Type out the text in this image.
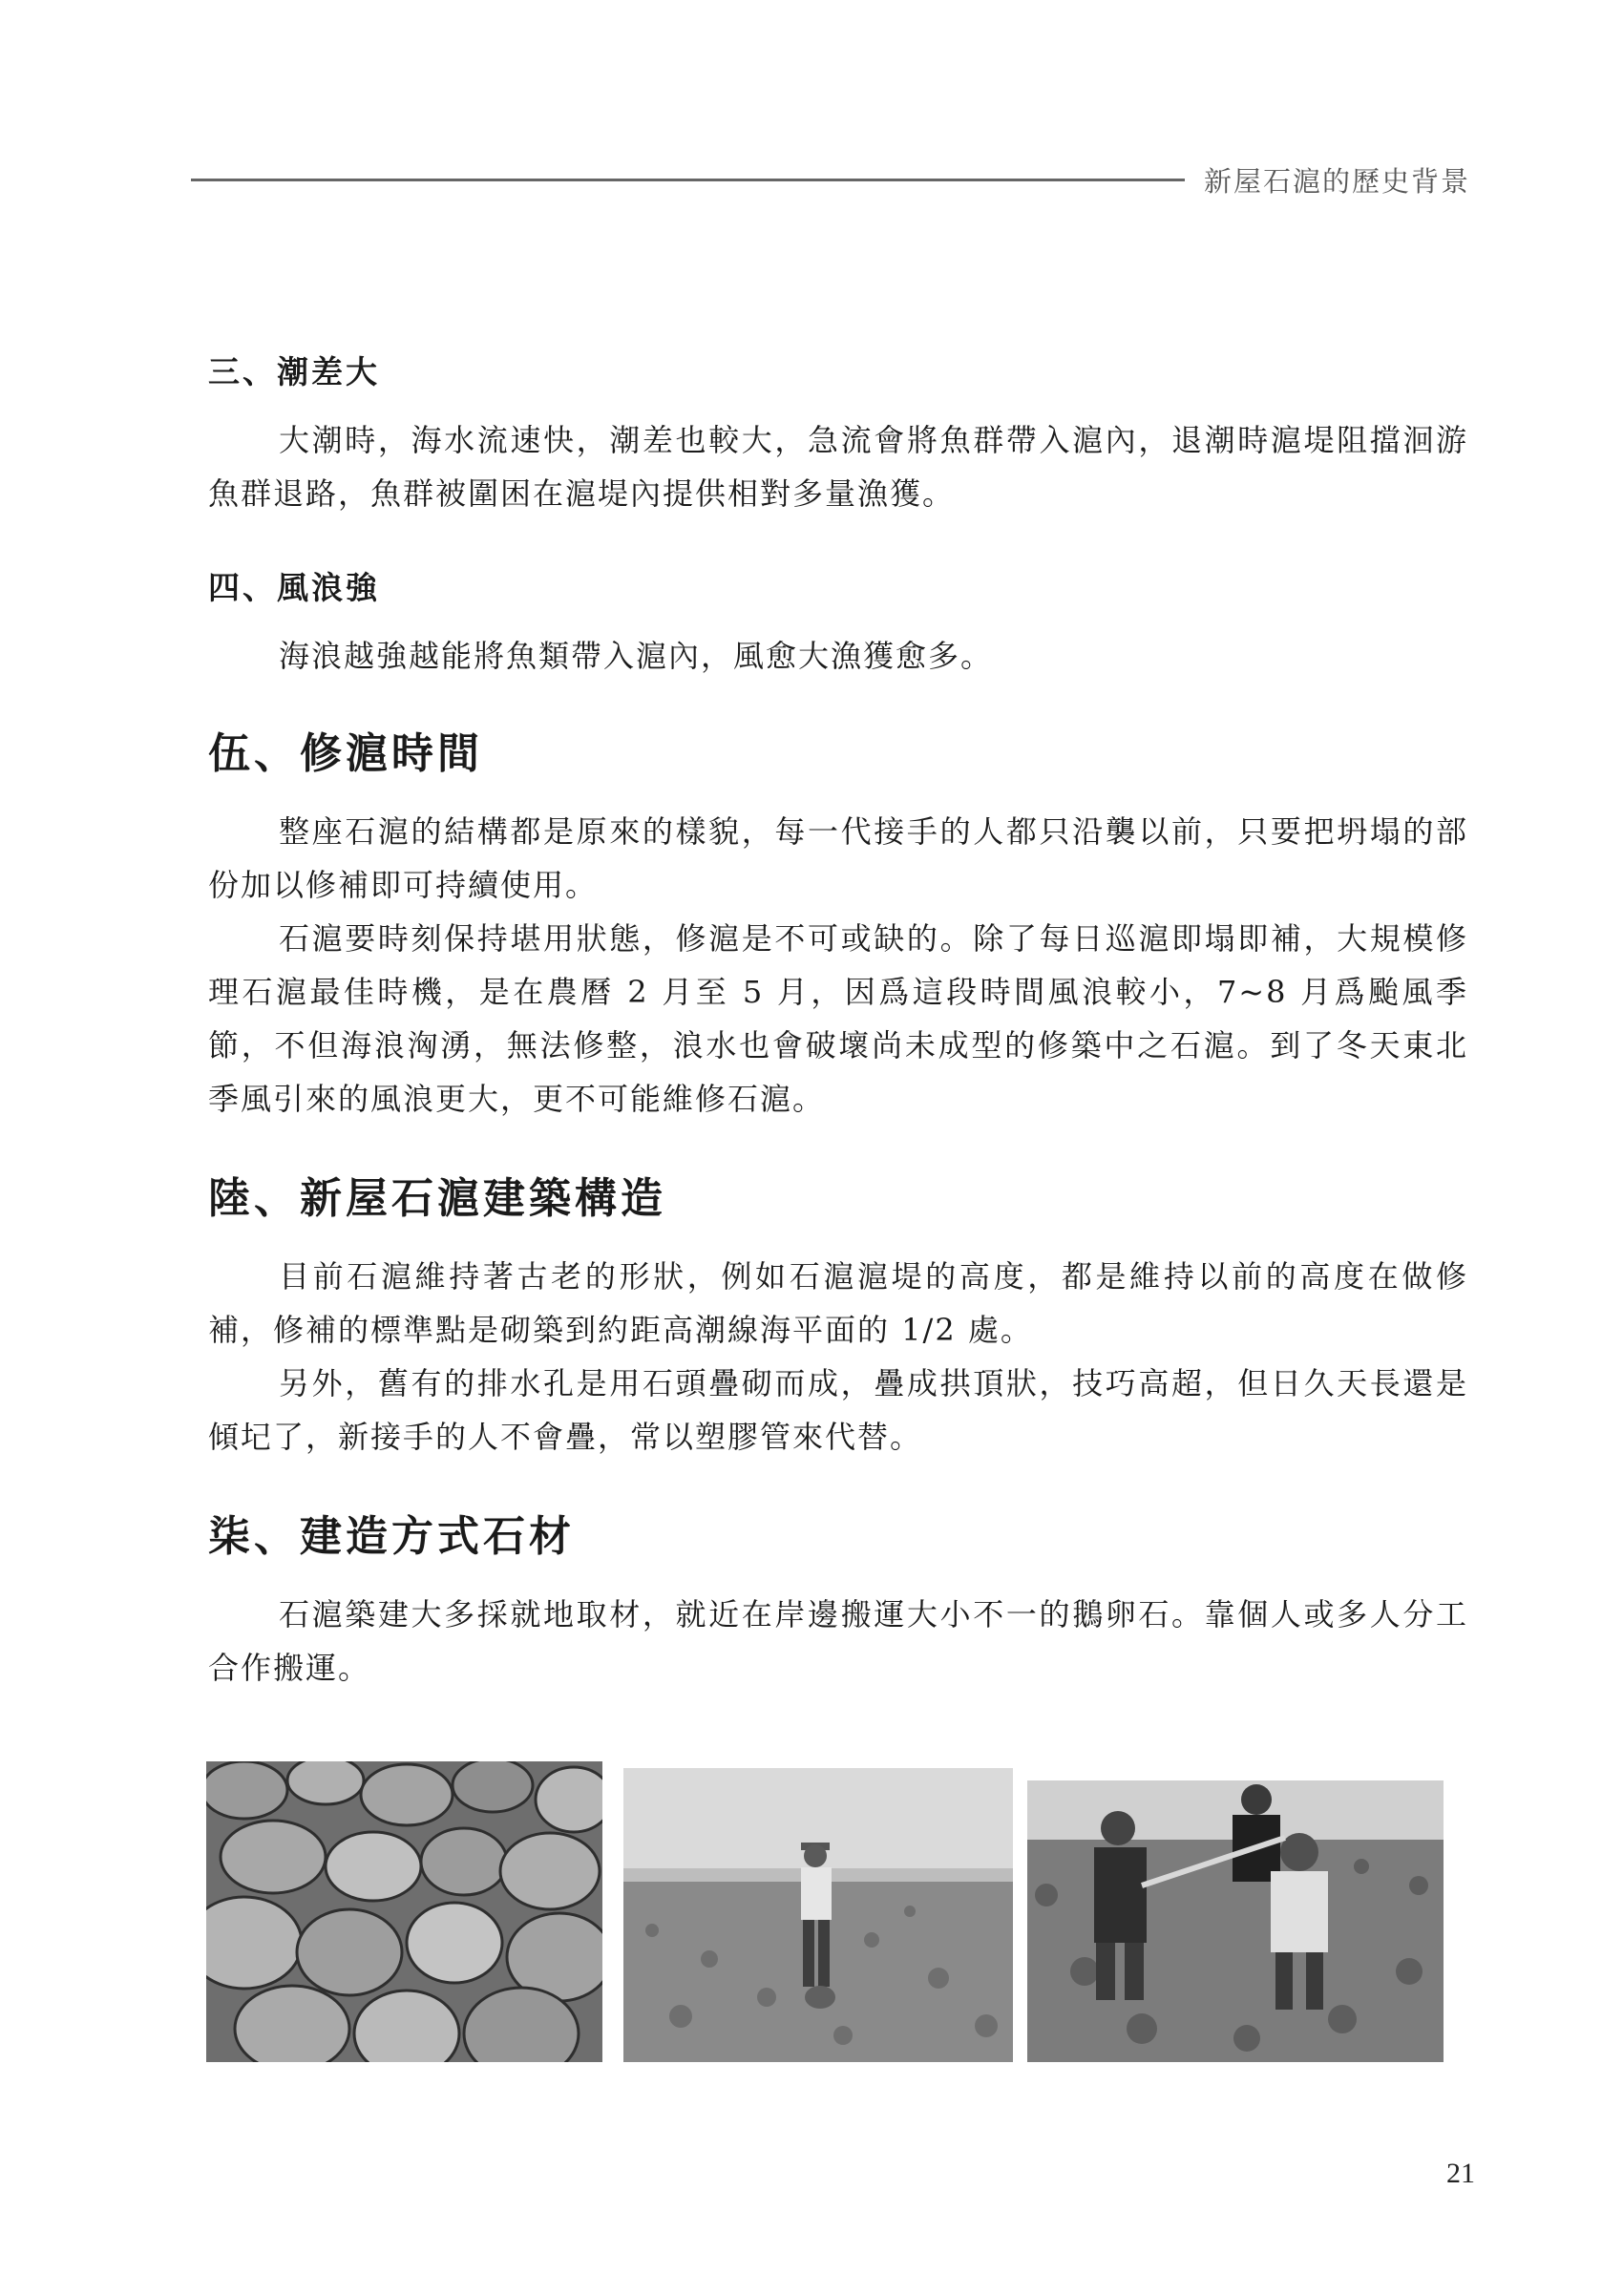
新屋石滬的歷史背景
三、潮差大

大潮時，海水流速快，潮差也較大，急流會將魚群帶入滬內，退潮時滬堤阻擋洄游魚群退路，魚群被圍困在滬堤內提供相對多量漁獲。

四、風浪強

海浪越強越能將魚類帶入滬內，風愈大漁獲愈多。

伍、修滬時間

整座石滬的結構都是原來的樣貌，每一代接手的人都只沿襲以前，只要把坍塌的部份加以修補即可持續使用。

石滬要時刻保持堪用狀態，修滬是不可或缺的。除了每日巡滬即塌即補，大規模修理石滬最佳時機，是在農曆 2 月至 5 月，因爲這段時間風浪較小，7~8 月爲颱風季節，不但海浪洶湧，無法修整，浪水也會破壞尚未成型的修築中之石滬。到了冬天東北季風引來的風浪更大，更不可能維修石滬。

陸、新屋石滬建築構造

目前石滬維持著古老的形狀，例如石滬滬堤的高度，都是維持以前的高度在做修補，修補的標準點是砌築到約距高潮線海平面的 1/2 處。

另外，舊有的排水孔是用石頭疊砌而成，疊成拱頂狀，技巧高超，但日久天長還是傾圮了，新接手的人不會疊，常以塑膠管來代替。

柒、建造方式石材

石滬築建大多採就地取材，就近在岸邊搬運大小不一的鵝卵石。靠個人或多人分工合作搬運。

21
